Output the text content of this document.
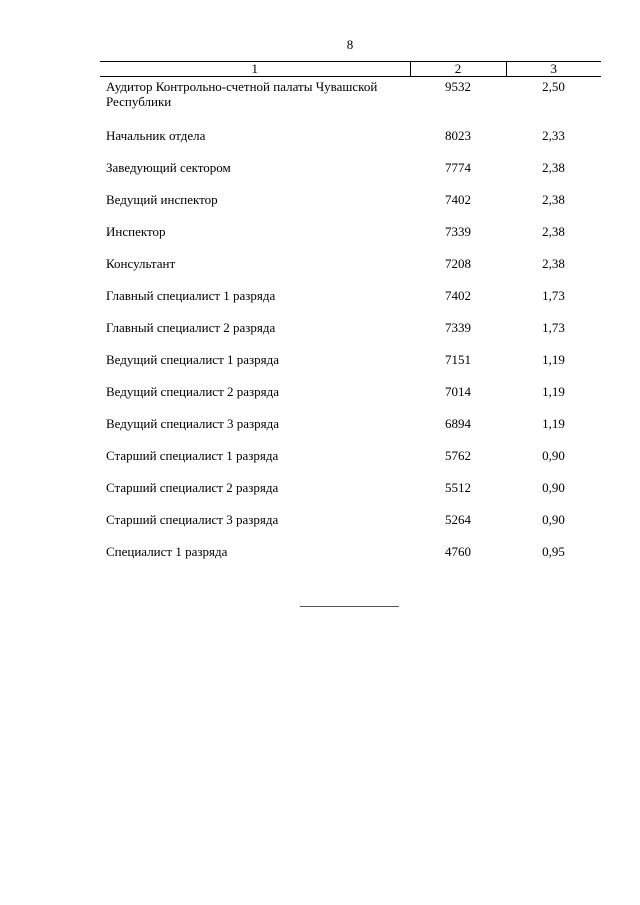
8
1	2	3
Аудитор Контрольно-счетной палаты Чувашской Республики	9532	2,50
Начальник отдела	8023	2,33
Заведующий сектором	7774	2,38
Ведущий инспектор	7402	2,38
Инспектор	7339	2,38
Консультант	7208	2,38
Главный специалист 1 разряда	7402	1,73
Главный специалист 2 разряда	7339	1,73
Ведущий специалист 1 разряда	7151	1,19
Ведущий специалист 2 разряда	7014	1,19
Ведущий специалист 3 разряда	6894	1,19
Старший специалист 1 разряда	5762	0,90
Старший специалист 2 разряда	5512	0,90
Старший специалист 3 разряда	5264	0,90
Специалист 1 разряда	4760	0,95
